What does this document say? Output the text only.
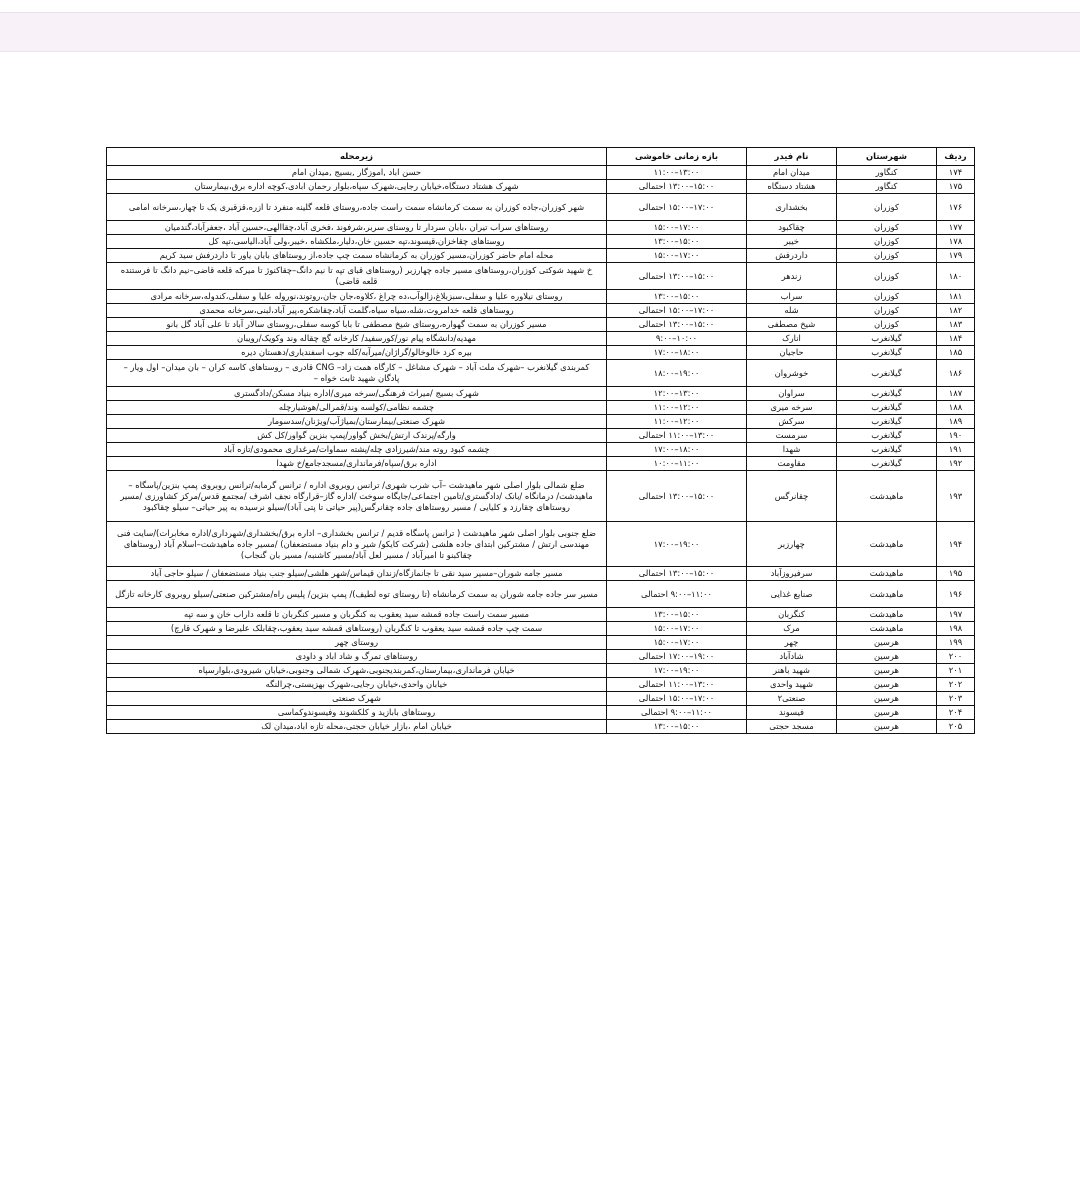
ردیف	شهرستان	نام فیدر	بازه زمانی خاموشی	زیرمحله
۱۷۴	کنگاور	میدان امام	۱۳:۰۰–۱۱:۰۰	حسن اباد ,اموزگار ,بسیج ,میدان امام
۱۷۵	کنگاور	هشتاد دستگاه	۱۵:۰۰–۱۳:۰۰ احتمالی	شهرک هشتاد دستگاه،خیابان رجایی،شهرک سپاه،بلوار رحمان ابادی،کوچه اداره برق،بیمارستان
۱۷۶	کوزران	بخشداری	۱۷:۰۰–۱۵:۰۰ احتمالی	شهر کوزران،جاده کوزران به سمت کرمانشاه سمت راست جاده،روستای قلعه گلینه منفرد تا ازره،قزقبری یک تا چهار،سرخانه امامی
۱۷۷	کوزران	چقاکبود	۱۷:۰۰–۱۵:۰۰	روستاهای سراب تیران ،بابان سردار تا روستای سربر،شرفوند ،فخری آباد،چقاالهی،حسین آباد ،جعفرآباد،گندمیان
۱۷۸	کوزران	خیبر	۱۵:۰۰–۱۳:۰۰	روستاهای چقاخزان،قیسوند،تپه حسین خان،دلبار،ملکشاه ،خیبر،ولی آباد،الیاسی،تپه کل
۱۷۹	کوزران	داردرفش	۱۷:۰۰–۱۵:۰۰	محله امام حاضر کوزران،مسیر کوزران به کرمانشاه سمت چپ جاده،از روستاهای بابان یاور تا داردرفش سید کریم
۱۸۰	کوزران	زندهر	۱۵:۰۰–۱۳:۰۰ احتمالی	خ شهید شوکتی کوزران،روستاهای مسیر جاده چهارزبر (روستاهای قبای تپه تا نیم دانگ–چقاکنوژ تا میرکه قلعه قاضی–نیم دانگ تا فرستنده قلعه قاضی)
۱۸۱	کوزران	سراب	۱۵:۰۰–۱۳:۰۰	روستای نیلاوره علیا و سفلی،سبزبلاغ،زالوآب،ده چراغ ،کلاوه،جان جان،روتوند،نوروله علیا و سفلی،کندوله،سرخانه مرادی
۱۸۲	کوزران	شله	۱۷:۰۰–۱۵:۰۰ احتمالی	روستاهای قلعه خدامروت،شله،سیاه سیاه،گلمت آباد،چقاشکره،پیر آباد،لبنی،سرخانه محمدی
۱۸۳	کوزران	شیخ مصطفی	۱۵:۰۰–۱۳:۰۰ احتمالی	مسیر کوزران به سمت گهواره،روستای شیخ مصطفی تا بابا کوسه سفلی،روستای سالار آباد تا علی آباد گل بانو
۱۸۴	گیلانغرب	انارک	۱۰:۰۰–۹:۰۰	مهدیه/دانشگاه پیام نور/کورسفید/ کارخانه گچ چقاله وند وکویک/رویبان
۱۸۵	گیلانغرب	حاجیان	۱۸:۰۰–۱۷:۰۰	بیره کرد خالوخالو/گراژان/میرآبه/کله جوب اسفندیاری/دهستان دیره
۱۸۶	گیلانغرب	خوشروان	۱۹:۰۰–۱۸:۰۰	کمربندی گیلانغرب –شهرک ملت آباد – شهرک مشاغل – کارگاه همت زاد– CNG قادری – روستاهای کاسه کران – بان میدان– اول ویار – پادگان شهید ثابت خواه –
۱۸۷	گیلانغرب	سراوان	۱۳:۰۰–۱۲:۰۰	شهرک بسیج /میراث فرهنگی/سرخه میری/اداره بنیاد مسکن/دادگستری
۱۸۸	گیلانغرب	سرخه میری	۱۲:۰۰–۱۱:۰۰	چشمه نظامی/کولسه وند/قمرالی/هوشیارچله
۱۸۹	گیلانغرب	سرکش	۱۲:۰۰–۱۱:۰۰	شهرک صنعتی/بیمارستان/بمیاژآب/ویژنان/سدسومار
۱۹۰	گیلانغرب	سرمست	۱۳:۰۰–۱۱:۰۰ احتمالی	وارگه/پرندک ارتش/بخش گواور/پمپ بنزین گواور/کل کش
۱۹۱	گیلانغرب	شهدا	۱۸:۰۰–۱۷:۰۰	چشمه کبود روته مند/شیرزادی چله/پشته سماوات/مرغداری محمودی/تازه آباد
۱۹۲	گیلانغرب	مقاومت	۱۱:۰۰–۱۰:۰۰	اداره برق/سپاه/فرمانداری/مسجدجامع/خ شهدا
۱۹۳	ماهیدشت	چقانرگس	۱۵:۰۰–۱۳:۰۰ احتمالی	ضلع شمالی بلوار اصلی شهر ماهیدشت –آب شرب شهری/ ترانس روبروی اداره / ترانس گرمابه/ترانس روبروی پمپ بنزین/پاسگاه – ماهیدشت/ درمانگاه /بانک /دادگستری/تامین اجتماعی/جایگاه سوخت /اداره گاز–قرارگاه نجف اشرف /مجتمع قدس/مرکز کشاورزی /مسیر روستاهای چقارزد و کلیایی / مسیر روستاهای جاده چقانرگس(پیر حیاتی تا پتی آباد)/سیلو نرسیده به پیر حیاتی– سیلو چقاکبود
۱۹۴	ماهیدشت	چهارزبر	۱۹:۰۰–۱۷:۰۰	ضلع جنوبی بلوار اصلی شهر ماهیدشت ( ترانس پاسگاه قدیم / ترانس بخشداری– اداره برق/بخشداری/شهرداری/اداره مخابرات)/سایت فنی مهندسی ارتش / مشترکین ابتدای جاده هلشی (شرکت کایکو/ شیر و دام بنیاد مستضعفان) /مسیر جاده ماهیدشت–اسلام آباد (روستاهای چقاکبنو تا امیرآباد / مسیر لعل آباد/مسیر کاشنبه/ مسیر بان گنجاب)
۱۹۵	ماهیدشت	سرفیروزآباد	۱۵:۰۰–۱۳:۰۰ احتمالی	مسیر جامه شوران–مسیر سید نقی تا جانمازگاه/زندان قیماس/شهر هلشی/سیلو جنب بنیاد مستضعفان / سیلو حاجی آباد
۱۹۶	ماهیدشت	صنایع غذایی	۱۱:۰۰–۹:۰۰ احتمالی	مسیر سر جاده جامه شوران به سمت کرمانشاه (تا روستای توه لطیف)/ پمپ بنزین/ پلیس راه/مشترکین صنعتی/سیلو روبروی کارخانه تازگل
۱۹۷	ماهیدشت	کنگربان	۱۵:۰۰–۱۳:۰۰	مسیر سمت راست جاده قمشه سید یعقوب به کنگربان و مسیر کنگربان تا قلعه داراب خان و سه تپه
۱۹۸	ماهیدشت	مرک	۱۷:۰۰–۱۵:۰۰	سمت چپ جاده قمشه سید یعقوب تا کنگربان (روستاهای قمشه سید یعقوب،چقابلک علیرضا و شهرک قارچ)
۱۹۹	هرسین	چهر	۱۷:۰۰–۱۵:۰۰	روستای چهر
۲۰۰	هرسین	شادآباد	۱۹:۰۰–۱۷:۰۰ احتمالی	روستاهای تمرگ و شاد اباد و داودی
۲۰۱	هرسین	شهید باهنر	۱۹:۰۰–۱۷:۰۰	خیابان فرمانداری،بیمارستان،کمربندیجنوبی،شهرک شمالی وجنوبی،خیابان شیرودی،بلوارسپاه
۲۰۲	هرسین	شهید واحدی	۱۳:۰۰–۱۱:۰۰ احتمالی	خیابان واحدی،خیابان رجایی،شهرک بهزیستی،چرالنگه
۲۰۳	هرسین	صنعتی۲	۱۷:۰۰–۱۵:۰۰ احتمالی	شهرک صنعتی
۲۰۴	هرسین	فیسوند	۱۱:۰۰–۹:۰۰ احتمالی	روستاهای بابازید و کلکشوند وفیسوندوکماسی
۲۰۵	هرسین	مسجد حجتی	۱۵:۰۰–۱۳:۰۰	خیابان امام ،بازار خیابان حجتی،محله تازه اباد،میدان لک
